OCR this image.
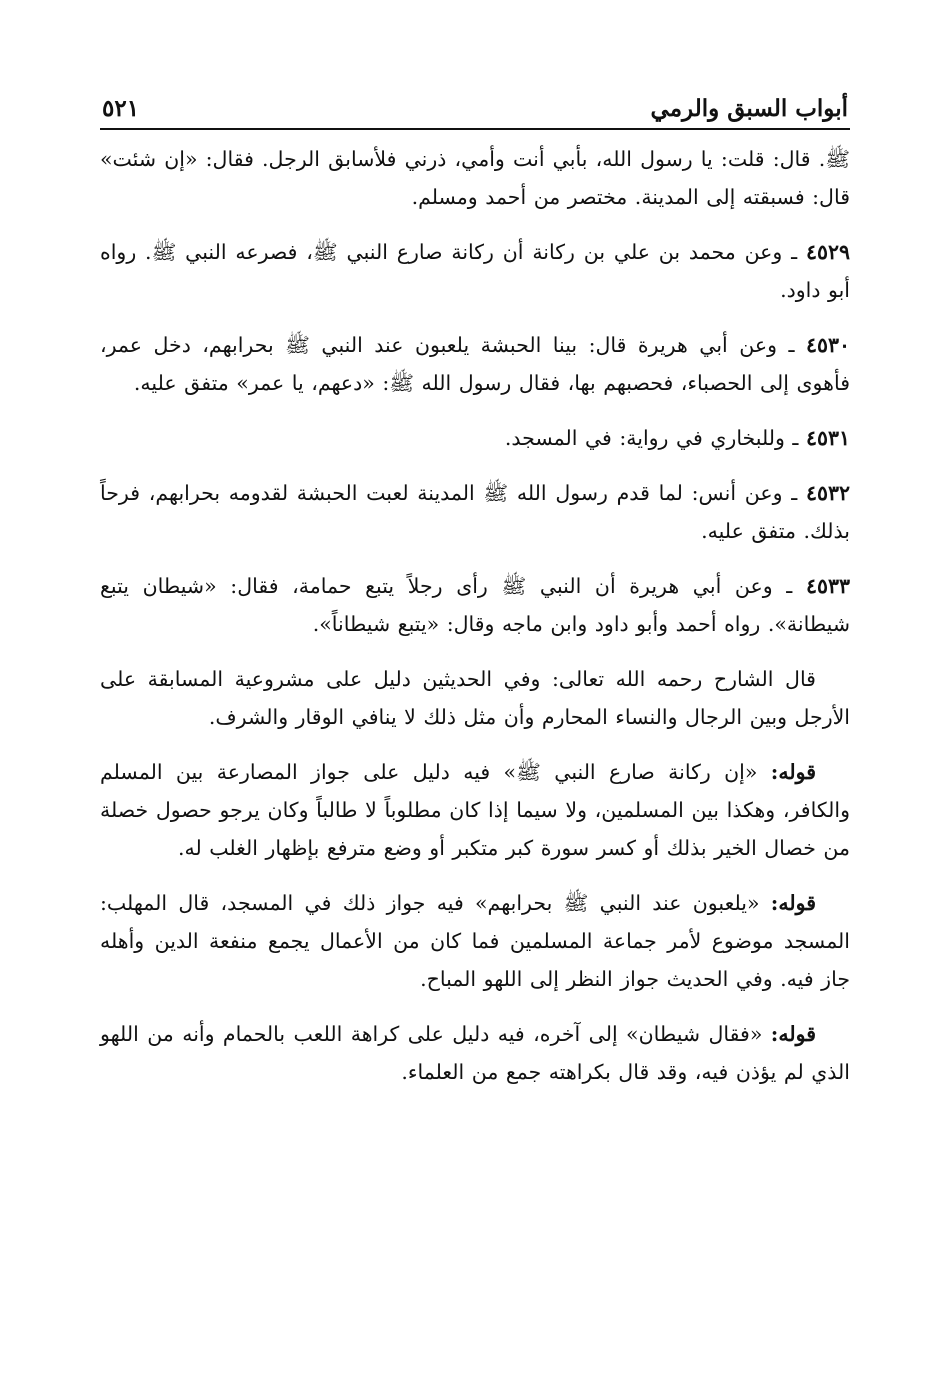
أبواب السبق والرمي
٥٢١

ﷺ. قال: قلت: يا رسول الله، بأبي أنت وأمي، ذرني فلأسابق الرجل. فقال: «إن شئت» قال: فسبقته إلى المدينة. مختصر من أحمد ومسلم.

٤٥٢٩ ـ وعن محمد بن علي بن ركانة أن ركانة صارع النبي ﷺ، فصرعه النبي ﷺ. رواه أبو داود.

٤٥٣٠ ـ وعن أبي هريرة قال: بينا الحبشة يلعبون عند النبي ﷺ بحرابهم، دخل عمر، فأهوى إلى الحصباء، فحصبهم بها، فقال رسول الله ﷺ: «دعهم، يا عمر» متفق عليه.

٤٥٣١ ـ وللبخاري في رواية: في المسجد.

٤٥٣٢ ـ وعن أنس: لما قدم رسول الله ﷺ المدينة لعبت الحبشة لقدومه بحرابهم، فرحاً بذلك. متفق عليه.

٤٥٣٣ ـ وعن أبي هريرة أن النبي ﷺ رأى رجلاً يتبع حمامة، فقال: «شيطان يتبع شيطانة». رواه أحمد وأبو داود وابن ماجه وقال: «يتبع شيطاناً».

قال الشارح رحمه الله تعالى: وفي الحديثين دليل على مشروعية المسابقة على الأرجل وبين الرجال والنساء المحارم وأن مثل ذلك لا ينافي الوقار والشرف.

قوله: «إن ركانة صارع النبي ﷺ» فيه دليل على جواز المصارعة بين المسلم والكافر، وهكذا بين المسلمين، ولا سيما إذا كان مطلوباً لا طالباً وكان يرجو حصول خصلة من خصال الخير بذلك أو كسر سورة كبر متكبر أو وضع مترفع بإظهار الغلب له.

قوله: «يلعبون عند النبي ﷺ بحرابهم» فيه جواز ذلك في المسجد، قال المهلب: المسجد موضوع لأمر جماعة المسلمين فما كان من الأعمال يجمع منفعة الدين وأهله جاز فيه. وفي الحديث جواز النظر إلى اللهو المباح.

قوله: «فقال شيطان» إلى آخره، فيه دليل على كراهة اللعب بالحمام وأنه من اللهو الذي لم يؤذن فيه، وقد قال بكراهته جمع من العلماء.
